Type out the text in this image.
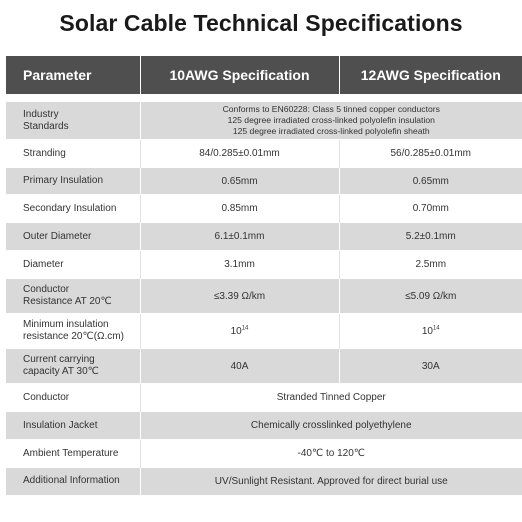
Solar Cable Technical Specifications
Parameter	10AWG Specification	12AWG Specification

Industry
Standards	Conforms to EN60228: Class 5 tinned copper conductors
125 degree irradiated cross-linked polyolefin insulation
125 degree irradiated cross-linked polyolefin sheath	
Stranding	84/0.285±0.01mm	56/0.285±0.01mm
Primary Insulation	0.65mm	0.65mm
Secondary Insulation	0.85mm	0.70mm
Outer Diameter	6.1±0.1mm	5.2±0.1mm
Diameter	3.1mm	2.5mm
Conductor
Resistance AT 20℃	≤3.39 Ω/km	≤5.09 Ω/km
Minimum insulation
resistance 20℃(Ω.cm)	$10^{14}$	$10^{14}$
Current carrying
capacity AT 30℃	40A	30A
Conductor	Stranded Tinned Copper	
Insulation Jacket	Chemically crosslinked polyethylene	
Ambient Temperature	-40℃ to 120℃	
Additional Information	UV/Sunlight Resistant. Approved for direct burial use	
